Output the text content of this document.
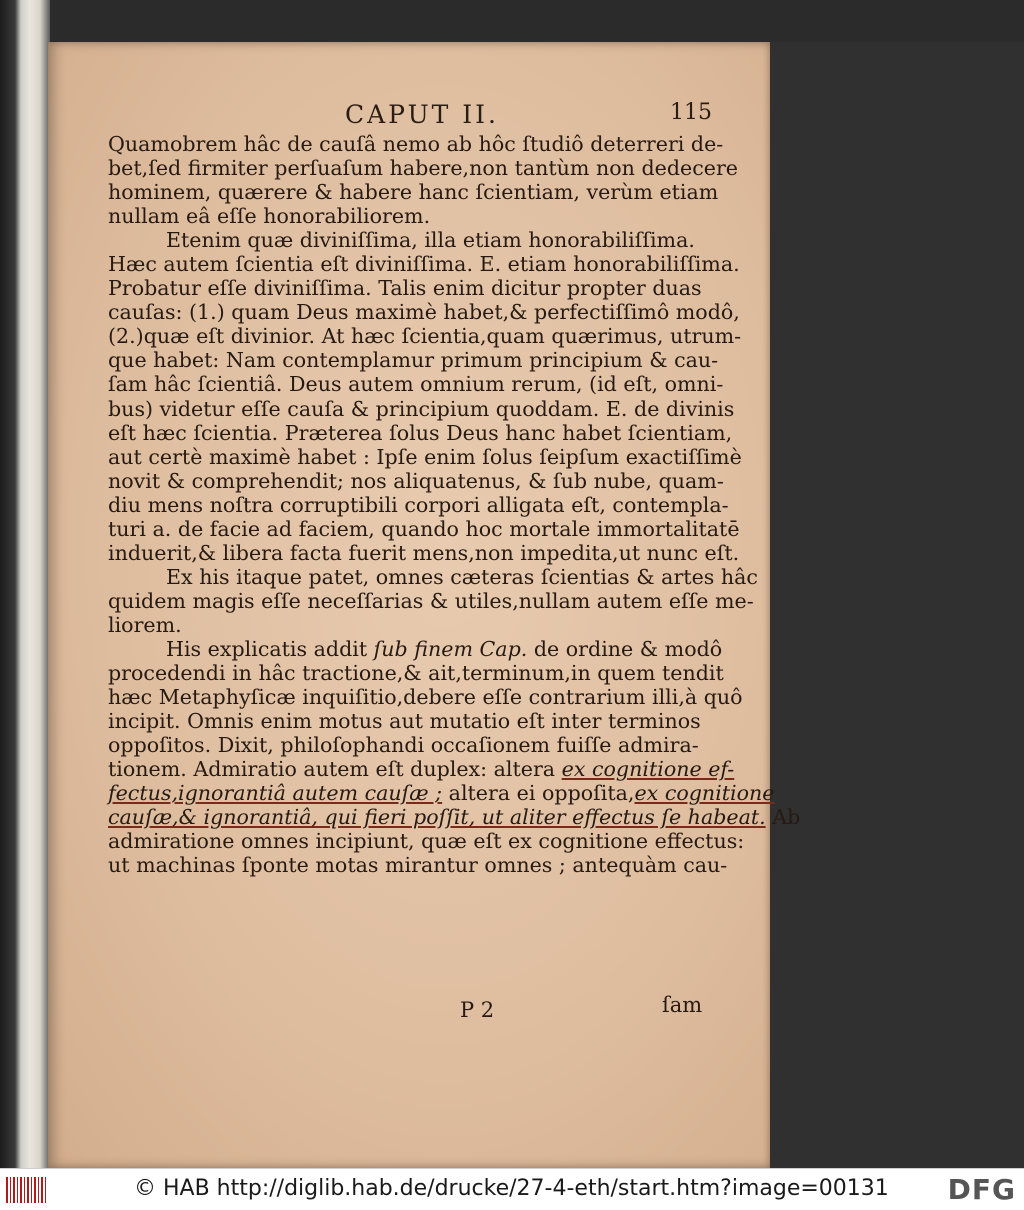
CAPUT II.	115
Quamobrem hâc de cauſâ nemo ab hôc ſtudiô deterreri de-
bet,ſed firmiter perſuaſum habere,non tantùm non dedecere
hominem, quærere & habere hanc ſcientiam, verùm etiam
nullam eâ eſſe honorabiliorem.
Etenim quæ diviniſſima, illa etiam honorabiliſſima.
Hæc autem ſcientia eſt diviniſſima. E. etiam honorabiliſſima.
Probatur eſſe diviniſſima. Talis enim dicitur propter duas
cauſas: (1.) quam Deus maximè habet,& perfectiſſimô modô,
(2.)quæ eſt divinior. At hæc ſcientia,quam quærimus, utrum-
que habet: Nam contemplamur primum principium & cau-
ſam hâc ſcientiâ. Deus autem omnium rerum, (id eſt, omni-
bus) videtur eſſe cauſa & principium quoddam. E. de divinis
eſt hæc ſcientia. Præterea ſolus Deus hanc habet ſcientiam,
aut certè maximè habet : Ipſe enim ſolus ſeipſum exactiſſimè
novit & comprehendit; nos aliquatenus, & ſub nube, quam-
diu mens noſtra corruptibili corpori alligata eſt, contempla-
turi a. de facie ad faciem, quando hoc mortale immortalitatē
induerit,& libera facta fuerit mens,non impedita,ut nunc eſt.
Ex his itaque patet, omnes cæteras ſcientias & artes hâc
quidem magis eſſe neceſſarias & utiles,nullam autem eſſe me-
liorem.
His explicatis addit ſub finem Cap. de ordine & modô
procedendi in hâc tractione,& ait,terminum,in quem tendit
hæc Metaphyſicæ inquiſitio,debere eſſe contrarium illi,à quô
incipit. Omnis enim motus aut mutatio eſt inter terminos
oppoſitos. Dixit, philoſophandi occaſionem fuiſſe admira-
tionem. Admiratio autem eſt duplex: altera ex cognitione ef-
fectus,ignorantiâ autem cauſæ ; altera ei oppoſita,ex cognitione
cauſæ,& ignorantiâ, qui fieri poſſit, ut aliter effectus ſe habeat. Ab
admiratione omnes incipiunt, quæ eſt ex cognitione effectus:
ut machinas ſponte motas mirantur omnes ; antequàm cau-
P 2	ſam
© HAB http://diglib.hab.de/drucke/27-4-eth/start.htm?image=00131 DFG
